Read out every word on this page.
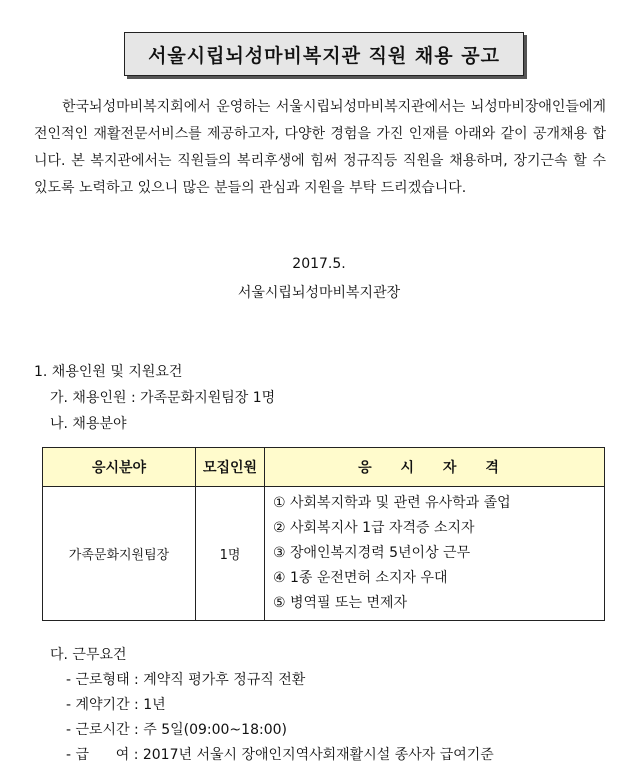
서울시립뇌성마비복지관 직원 채용 공고

한국뇌성마비복지회에서 운영하는 서울시립뇌성마비복지관에서는 뇌성마비장애인들에게 전인적인 재활전문서비스를 제공하고자, 다양한 경험을 가진 인재를 아래와 같이 공개채용 합니다. 본 복지관에서는 직원들의 복리후생에 힘써 정규직등 직원을 채용하며, 장기근속 할 수 있도록 노력하고 있으니 많은 분들의 관심과 지원을 부탁 드리겠습니다.

2017.5.
서울시립뇌성마비복지관장
1. 채용인원 및 지원요건
가. 채용인원 : 가족문화지원팀장 1명
나. 채용분야
응시분야	모집인원	응 시 자 격
가족문화지원팀장	1명	① 사회복지학과 및 관련 유사학과 졸업
② 사회복지사 1급 자격증 소지자
③ 장애인복지경력 5년이상 근무
④ 1종 운전면허 소지자 우대
⑤ 병역필 또는 면제자
다. 근무요건
- 근로형태 : 계약직 평가후 정규직 전환
- 계약기간 : 1년
- 근로시간 : 주 5일(09:00~18:00)
- 급      여 : 2017년 서울시 장애인지역사회재활시설 종사자 급여기준
